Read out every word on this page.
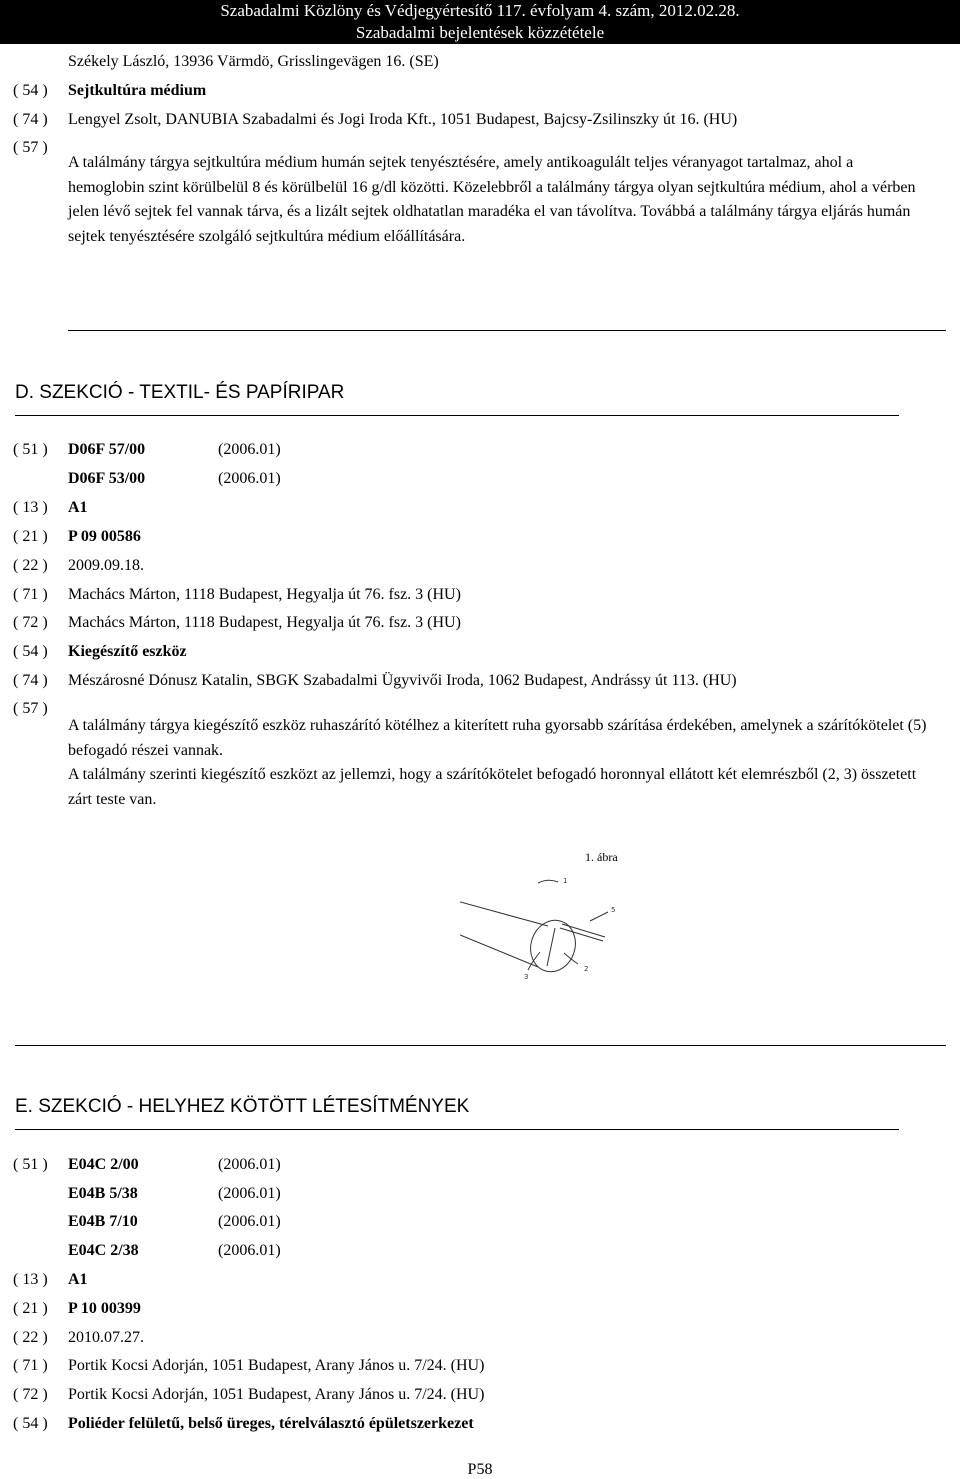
Szabadalmi Közlöny és Védjegyértesítő 117. évfolyam 4. szám, 2012.02.28.
Szabadalmi bejelentések közzététele
Székely László, 13936 Värmdö, Grisslingevägen 16. (SE)
( 54 )	Sejtkultúra médium
( 74 )	Lengyel Zsolt, DANUBIA Szabadalmi és Jogi Iroda Kft., 1051 Budapest, Bajcsy-Zsilinszky út 16. (HU)
( 57 )
A találmány tárgya sejtkultúra médium humán sejtek tenyésztésére, amely antikoagulált teljes véranyagot tartalmaz, ahol a hemoglobin szint körülbelül 8 és körülbelül 16 g/dl közötti. Közelebbről a találmány tárgya olyan sejtkultúra médium, ahol a vérben jelen lévő sejtek fel vannak tárva, és a lizált sejtek oldhatatlan maradéka el van távolítva. Továbbá a találmány tárgya eljárás humán sejtek tenyésztésére szolgáló sejtkultúra médium előállítására.
D. SZEKCIÓ - TEXTIL- ÉS PAPÍRIPAR
( 51 )	D06F 57/00	(2006.01)
D06F 53/00	(2006.01)
( 13 )	A1
( 21 )	P 09 00586
( 22 )	2009.09.18.
( 71 )	Machács Márton, 1118 Budapest, Hegyalja út 76. fsz. 3 (HU)
( 72 )	Machács Márton, 1118 Budapest, Hegyalja út 76. fsz. 3 (HU)
( 54 )	Kiegészítő eszköz
( 74 )	Mészárosné Dónusz Katalin, SBGK Szabadalmi Ügyvivői Iroda, 1062 Budapest, Andrássy út 113. (HU)
( 57 )
A találmány tárgya kiegészítő eszköz ruhaszárító kötélhez a kiterített ruha gyorsabb szárítása érdekében, amelynek a szárítókötelet (5) befogadó részei vannak.
A találmány szerinti kiegészítő eszközt az jellemzi, hogy a szárítókötelet befogadó horonnyal ellátott két elemrészből (2, 3) összetett zárt teste van.
1
5
2
3
1. ábra
E. SZEKCIÓ - HELYHEZ KÖTÖTT LÉTESÍTMÉNYEK
( 51 )	E04C 2/00	(2006.01)
E04B 5/38	(2006.01)
E04B 7/10	(2006.01)
E04C 2/38	(2006.01)
( 13 )	A1
( 21 )	P 10 00399
( 22 )	2010.07.27.
( 71 )	Portik Kocsi Adorján, 1051 Budapest, Arany János u. 7/24. (HU)
( 72 )	Portik Kocsi Adorján, 1051 Budapest, Arany János u. 7/24. (HU)
( 54 )	Poliéder felületű, belső üreges, térelválasztó épületszerkezet
P58
